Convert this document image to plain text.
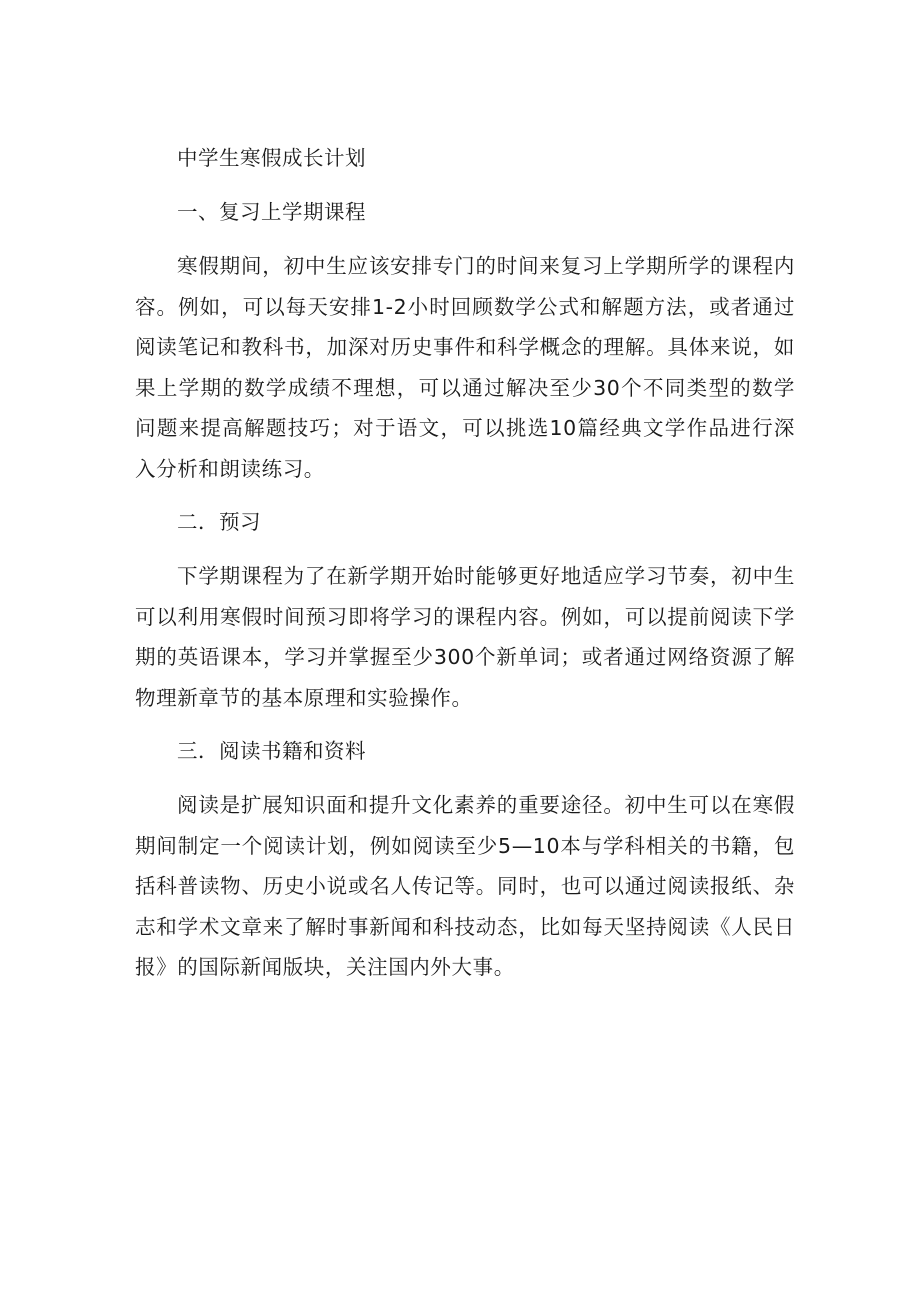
中学生寒假成长计划
一、复习上学期课程

寒假期间，初中生应该安排专门的时间来复习上学期所学的课程内容。例如，可以每天安排1-2小时回顾数学公式和解题方法，或者通过阅读笔记和教科书，加深对历史事件和科学概念的理解。具体来说，如果上学期的数学成绩不理想，可以通过解决至少30个不同类型的数学问题来提高解题技巧；对于语文，可以挑选10篇经典文学作品进行深入分析和朗读练习。

二．预习

下学期课程为了在新学期开始时能够更好地适应学习节奏，初中生可以利用寒假时间预习即将学习的课程内容。例如，可以提前阅读下学期的英语课本，学习并掌握至少300个新单词；或者通过网络资源了解物理新章节的基本原理和实验操作。

三．阅读书籍和资料

阅读是扩展知识面和提升文化素养的重要途径。初中生可以在寒假期间制定一个阅读计划，例如阅读至少5—10本与学科相关的书籍，包括科普读物、历史小说或名人传记等。同时，也可以通过阅读报纸、杂志和学术文章来了解时事新闻和科技动态，比如每天坚持阅读《人民日报》的国际新闻版块，关注国内外大事。
